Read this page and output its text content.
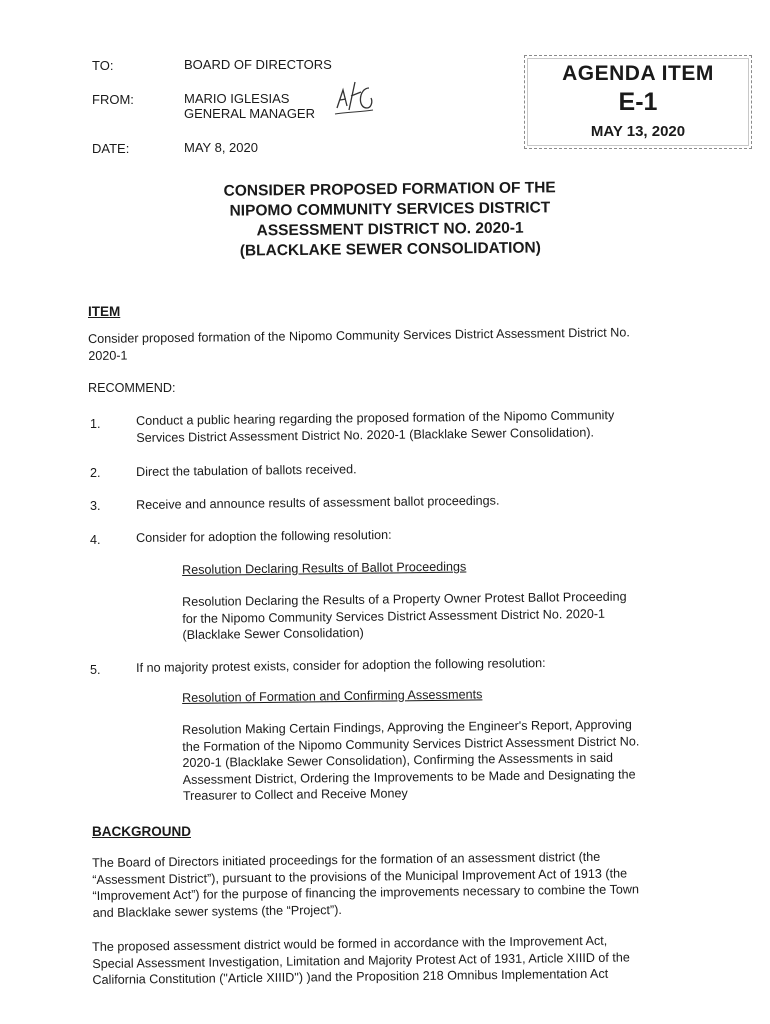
TO:	BOARD OF DIRECTORS
FROM:	MARIO IGLESIAS
GENERAL MANAGER
DATE:	MAY 8, 2020
AGENDA ITEM
E-1
MAY 13, 2020
CONSIDER PROPOSED FORMATION OF THE
NIPOMO COMMUNITY SERVICES DISTRICT
ASSESSMENT DISTRICT NO. 2020-1
(BLACKLAKE SEWER CONSOLIDATION)
ITEM
Consider proposed formation of the Nipomo Community Services District Assessment District No.
2020-1
RECOMMEND:
1.	Conduct a public hearing regarding the proposed formation of the Nipomo Community
Services District Assessment District No. 2020-1 (Blacklake Sewer Consolidation).
2.	Direct the tabulation of ballots received.
3.	Receive and announce results of assessment ballot proceedings.
4.	Consider for adoption the following resolution:
Resolution Declaring Results of Ballot Proceedings
Resolution Declaring the Results of a Property Owner Protest Ballot Proceeding
for the Nipomo Community Services District Assessment District No. 2020-1
(Blacklake Sewer Consolidation)
5.	If no majority protest exists, consider for adoption the following resolution:
Resolution of Formation and Confirming Assessments
Resolution Making Certain Findings, Approving the Engineer's Report, Approving
the Formation of the Nipomo Community Services District Assessment District No.
2020-1 (Blacklake Sewer Consolidation), Confirming the Assessments in said
Assessment District, Ordering the Improvements to be Made and Designating the
Treasurer to Collect and Receive Money
BACKGROUND
The Board of Directors initiated proceedings for the formation of an assessment district (the
“Assessment District”), pursuant to the provisions of the Municipal Improvement Act of 1913 (the
“Improvement Act”) for the purpose of financing the improvements necessary to combine the Town
and Blacklake sewer systems (the “Project”).
The proposed assessment district would be formed in accordance with the Improvement Act,
Special Assessment Investigation, Limitation and Majority Protest Act of 1931, Article XIIID of the
California Constitution ("Article XIIID") )and the Proposition 218 Omnibus Implementation Act
